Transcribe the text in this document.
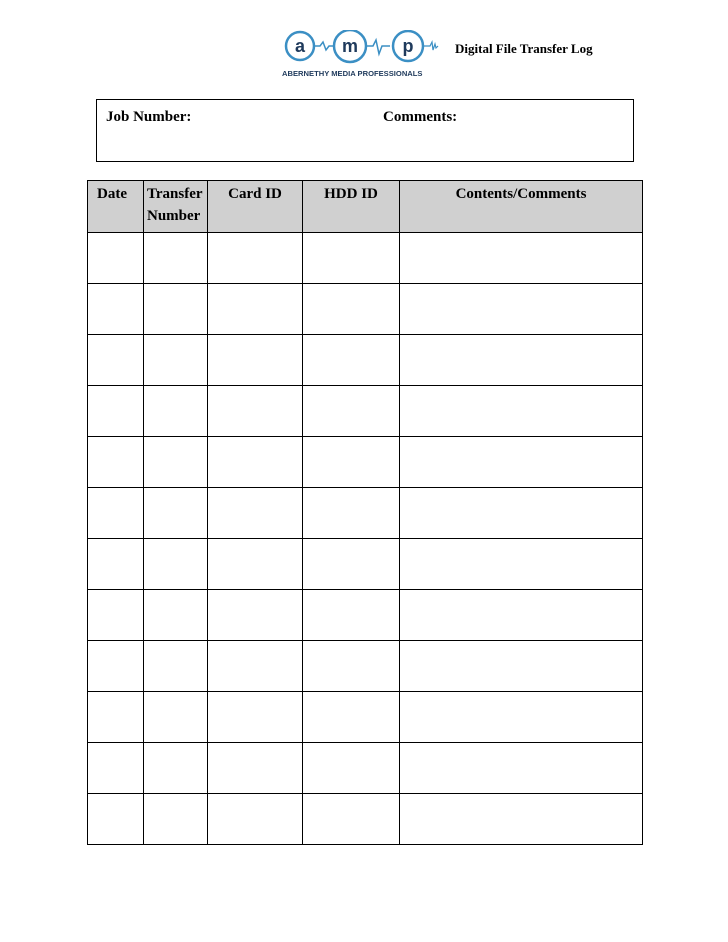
a m p
ABERNETHY MEDIA PROFESSIONALS
Digital File Transfer Log
Job Number:	Comments:
Date	Transfer Number	Card ID	HDD ID	Contents/Comments
